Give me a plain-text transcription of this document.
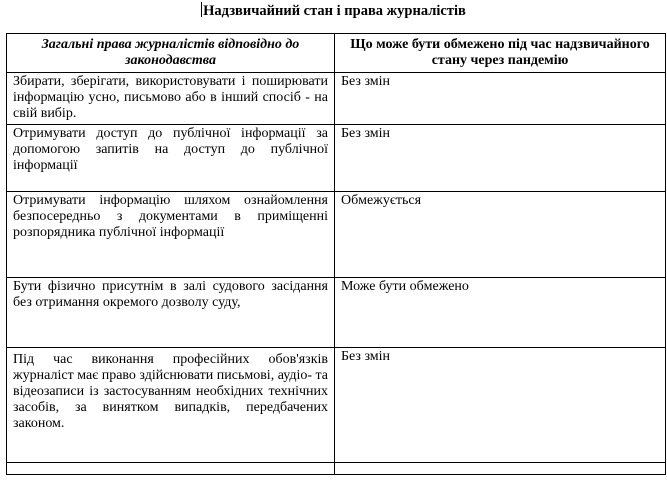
Надзвичайний стан і права журналістів
Загальні права журналістів відповідно до законодавства	Що може бути обмежено під час надзвичайного стану через пандемію
Збирати, зберігати, використовувати і поширювати інформацію усно, письмово або в інший спосіб - на свій вибір.	Без змін
Отримувати доступ до публічної інформації за допомогою запитів на доступ до публічної інформації	Без змін
Отримувати інформацію шляхом ознайомлення безпосередньо з документами в приміщенні розпорядника публічної інформації	Обмежується
Бути фізично присутнім в залі судового засідання без отримання окремого дозволу суду,	Може бути обмежено
Під час виконання професійних обов'язків журналіст має право здійснювати письмові, аудіо- та відеозаписи із застосуванням необхідних технічних засобів, за винятком випадків, передбачених законом.	Без змін
